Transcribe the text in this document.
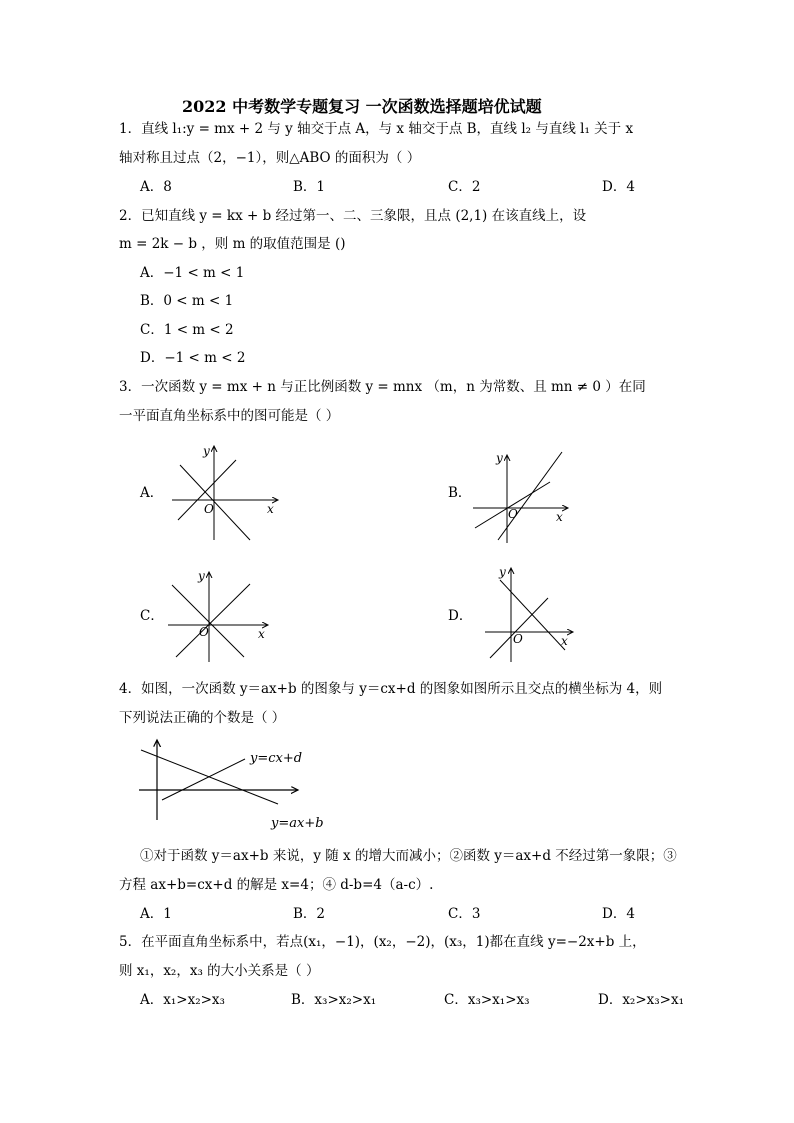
2022 中考数学专题复习 一次函数选择题培优试题
1．直线 l₁:y = mx + 2 与 y 轴交于点 A，与 x 轴交于点 B，直线 l₂ 与直线 l₁ 关于 x
轴对称且过点（2，−1），则△ABO 的面积为（ ）
A．8	B．1	C．2	D．4
2．已知直线 y = kx + b 经过第一、二、三象限，且点 (2,1) 在该直线上，设
m = 2k − b ，则 m 的取值范围是 ()
A．−1 < m < 1
B．0 < m < 1
C．1 < m < 2
D．−1 < m < 2
3．一次函数 y = mx + n 与正比例函数 y = mnx （m，n 为常数、且 mn ≠ 0 ）在同
一平面直角坐标系中的图可能是（ ）
A．	B．
C．	D．
x
y
O
x
y
O
x
y
O
x
y
O
y=cx+d
y=ax+b
4．如图，一次函数 y＝ax+b 的图象与 y＝cx+d 的图象如图所示且交点的横坐标为 4，则
下列说法正确的个数是（ ）
①对于函数 y＝ax+b 来说，y 随 x 的增大而减小；②函数 y＝ax+d 不经过第一象限；③
方程 ax+b=cx+d 的解是 x=4；④ d-b=4（a-c）.
A．1	B．2	C．3	D．4
5．在平面直角坐标系中，若点(x₁，−1)，(x₂，−2)，(x₃，1)都在直线 y=−2x+b 上，
则 x₁，x₂，x₃ 的大小关系是（ ）
A．x₁>x₂>x₃	B．x₃>x₂>x₁	C．x₃>x₁>x₃	D．x₂>x₃>x₁
